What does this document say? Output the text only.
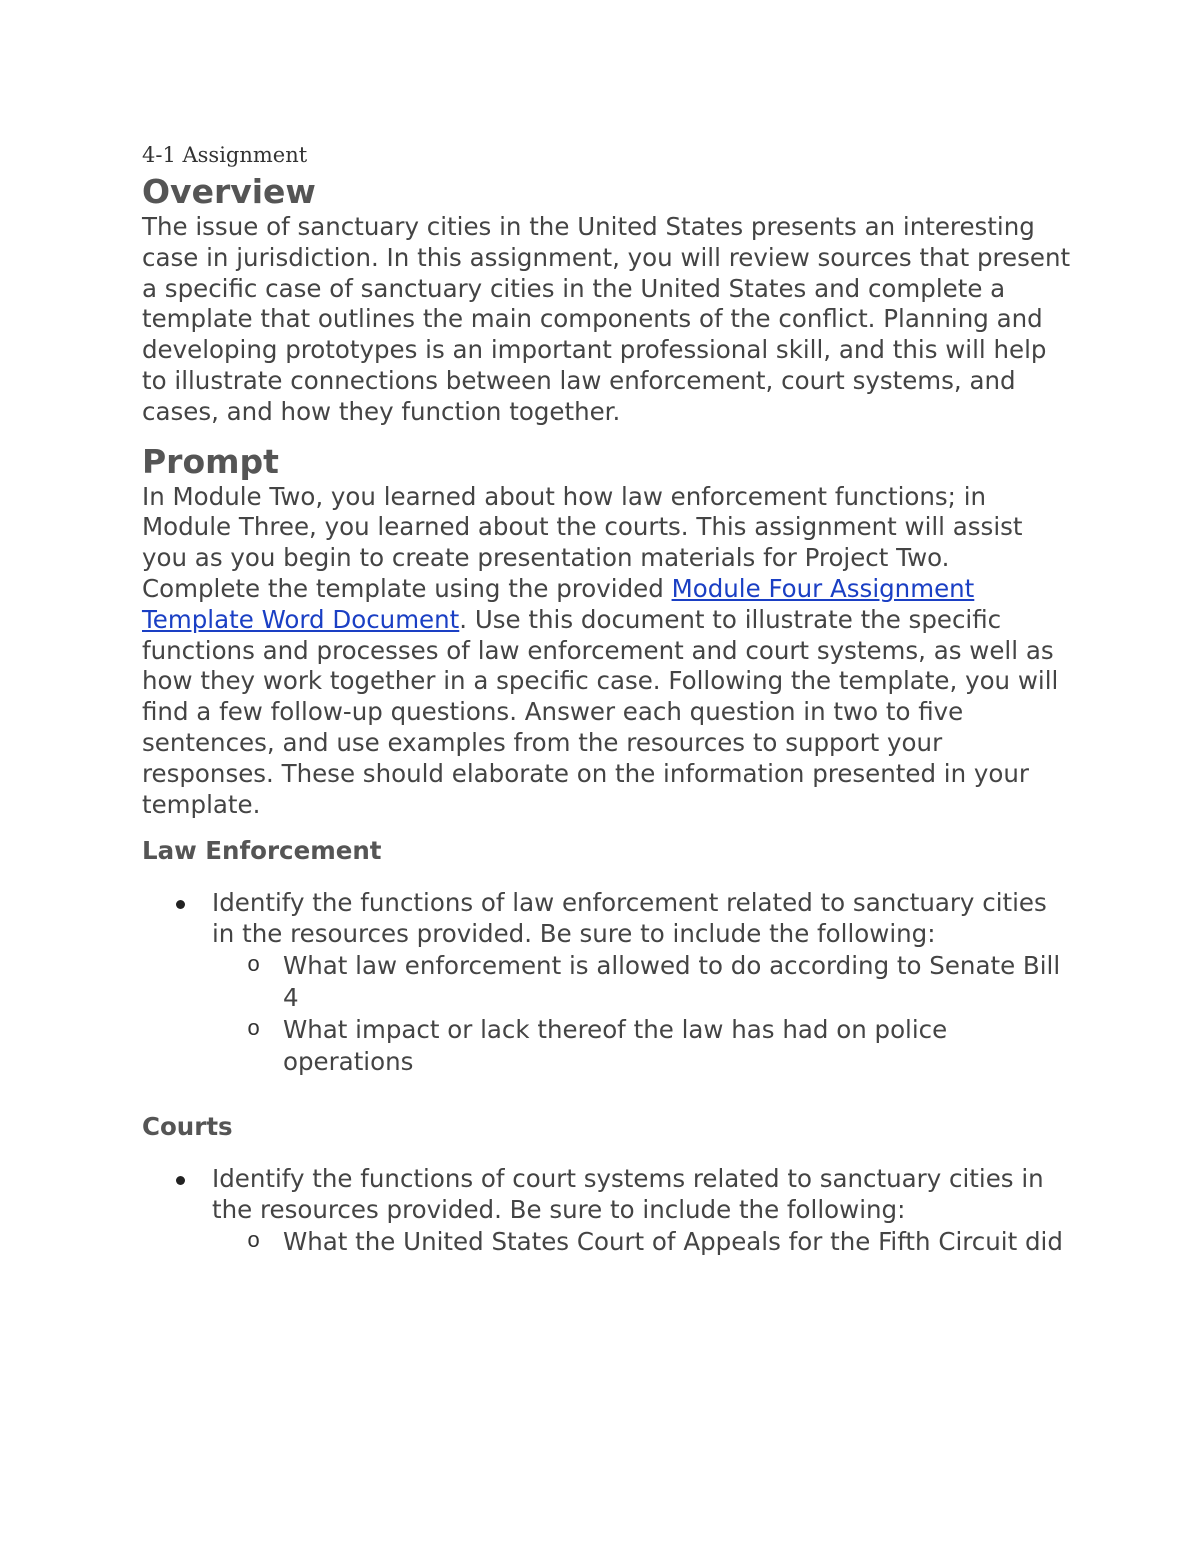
4-1 Assignment
Overview

The issue of sanctuary cities in the United States presents an interesting case in jurisdiction. In this assignment, you will review sources that present a specific case of sanctuary cities in the United States and complete a template that outlines the main components of the conflict. Planning and developing prototypes is an important professional skill, and this will help to illustrate connections between law enforcement, court systems, and cases, and how they function together.

Prompt

In Module Two, you learned about how law enforcement functions; in Module Three, you learned about the courts. This assignment will assist you as you begin to create presentation materials for Project Two. Complete the template using the provided Module Four Assignment Template Word Document. Use this document to illustrate the specific functions and processes of law enforcement and court systems, as well as how they work together in a specific case. Following the template, you will find a few follow-up questions. Answer each question in two to five sentences, and use examples from the resources to support your responses. These should elaborate on the information presented in your template.

Law Enforcement
Identify the functions of law enforcement related to sanctuary cities in the resources provided. Be sure to include the following:
o What law enforcement is allowed to do according to Senate Bill 4
o What impact or lack thereof the law has had on police operations
Courts
Identify the functions of court systems related to sanctuary cities in the resources provided. Be sure to include the following:
o What the United States Court of Appeals for the Fifth Circuit did
